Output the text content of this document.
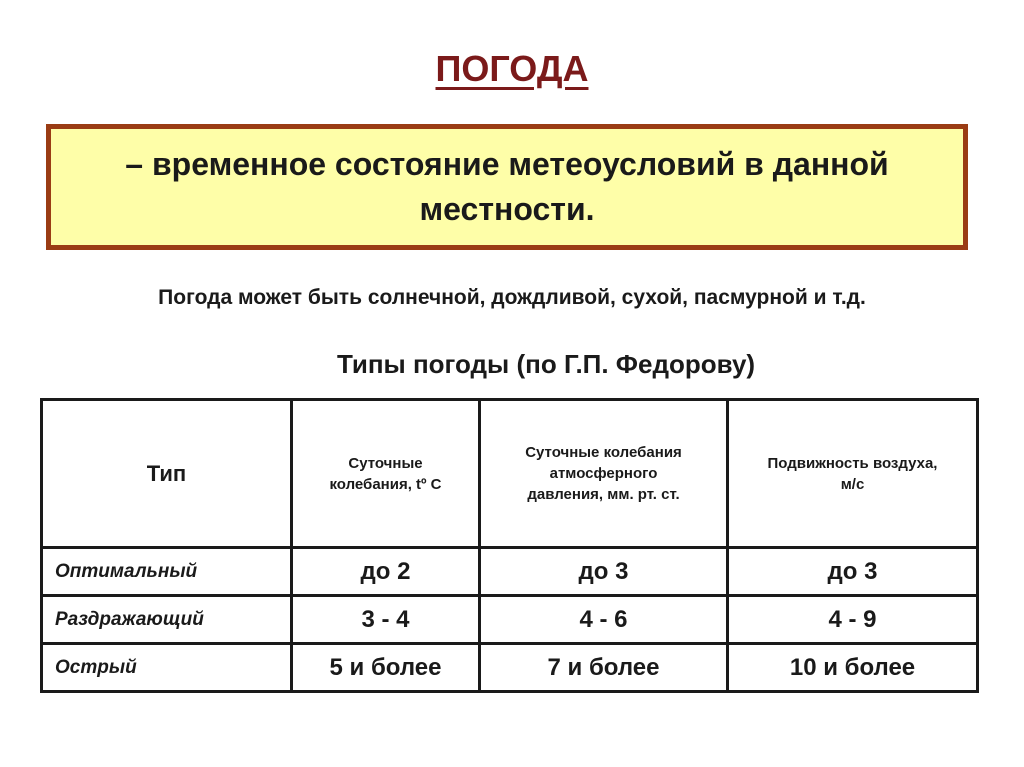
ПОГОДА
– временное состояние метеоусловий в данной местности.
Погода может быть солнечной, дождливой, сухой, пасмурной и т.д.
Типы погоды (по Г.П. Федорову)
Тип	Суточные колебания, tº С	Суточные колебания атмосферного давления, мм. рт. ст.	Подвижность воздуха, м/с

Оптимальный	до 2	до 3	до 3
Раздражающий	3 - 4	4 - 6	4 - 9
Острый	5 и более	7 и более	10 и более
